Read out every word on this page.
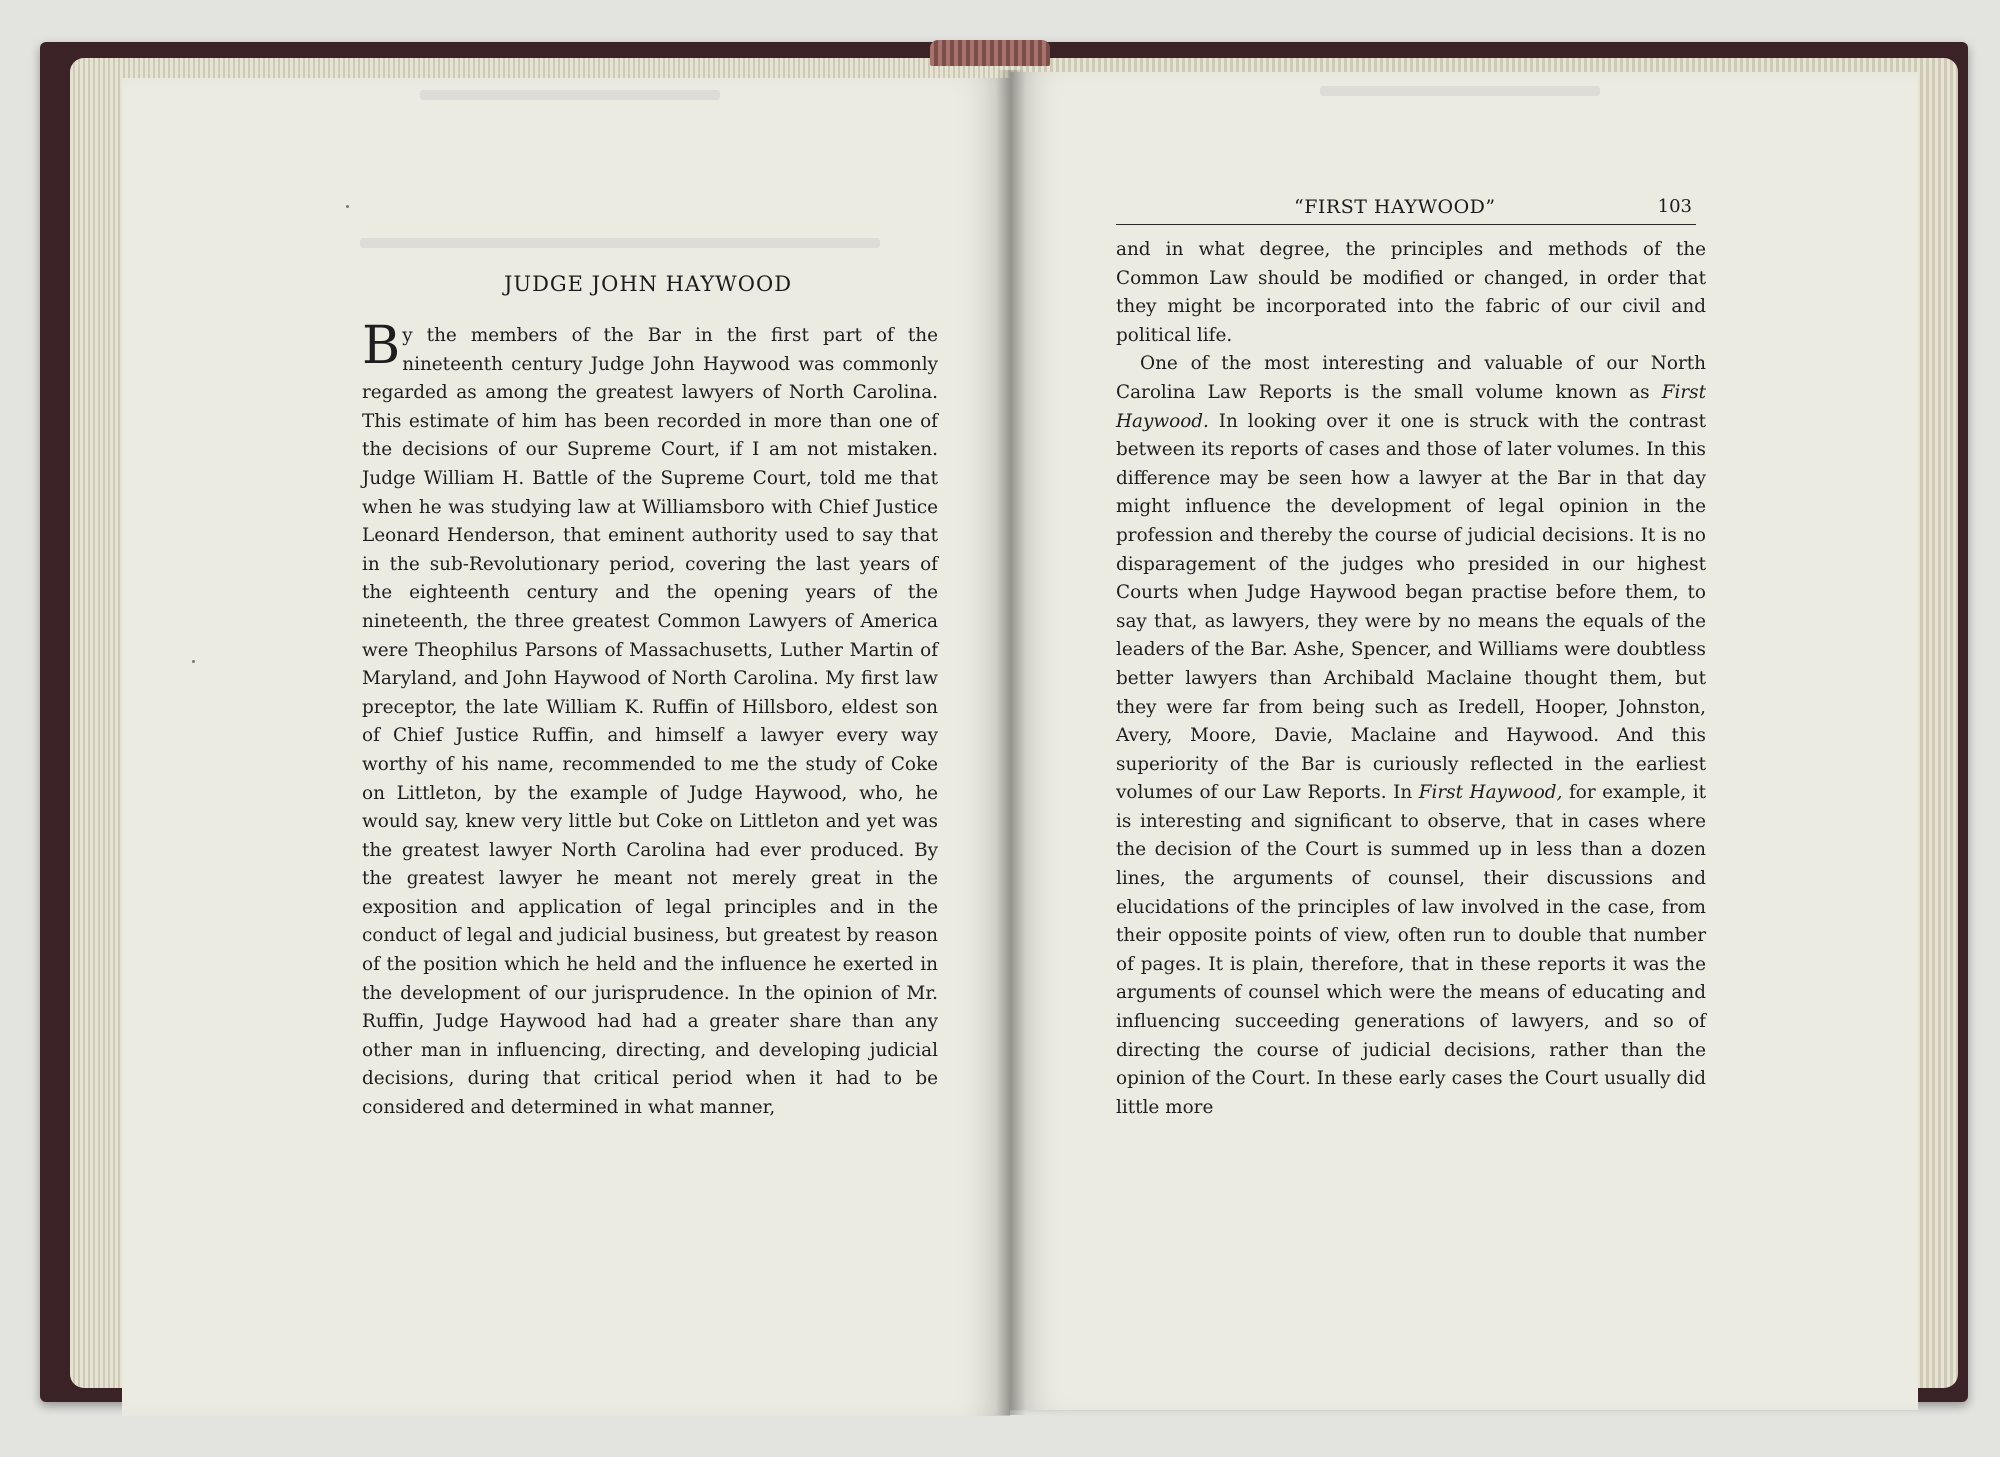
JUDGE JOHN HAYWOOD

By the members of the Bar in the first part of the nineteenth century Judge John Haywood was commonly regarded as among the greatest lawyers of North Carolina. This estimate of him has been recorded in more than one of the decisions of our Supreme Court, if I am not mistaken. Judge William H. Battle of the Supreme Court, told me that when he was studying law at Williamsboro with Chief Justice Leonard Henderson, that eminent authority used to say that in the sub-Revolutionary period, covering the last years of the eighteenth century and the opening years of the nineteenth, the three greatest Common Lawyers of America were Theophilus Parsons of Massachusetts, Luther Martin of Maryland, and John Haywood of North Carolina. My first law preceptor, the late William K. Ruffin of Hillsboro, eldest son of Chief Justice Ruffin, and himself a lawyer every way worthy of his name, recommended to me the study of Coke on Littleton, by the example of Judge Haywood, who, he would say, knew very little but Coke on Littleton and yet was the greatest lawyer North Carolina had ever produced. By the greatest lawyer he meant not merely great in the exposition and application of legal principles and in the conduct of legal and judicial business, but greatest by reason of the position which he held and the influence he exerted in the development of our jurisprudence. In the opinion of Mr. Ruffin, Judge Haywood had had a greater share than any other man in influencing, directing, and developing judicial decisions, during that critical period when it had to be considered and determined in what manner,

“FIRST HAYWOOD”	103

and in what degree, the principles and methods of the Common Law should be modified or changed, in order that they might be incorporated into the fabric of our civil and political life.

One of the most interesting and valuable of our North Carolina Law Reports is the small volume known as First Haywood. In looking over it one is struck with the contrast between its reports of cases and those of later volumes. In this difference may be seen how a lawyer at the Bar in that day might influence the development of legal opinion in the profession and thereby the course of judicial decisions. It is no disparagement of the judges who presided in our highest Courts when Judge Haywood began practise before them, to say that, as lawyers, they were by no means the equals of the leaders of the Bar. Ashe, Spencer, and Williams were doubtless better lawyers than Archibald Maclaine thought them, but they were far from being such as Iredell, Hooper, Johnston, Avery, Moore, Davie, Maclaine and Haywood. And this superiority of the Bar is curiously reflected in the earliest volumes of our Law Reports. In First Haywood, for example, it is interesting and significant to observe, that in cases where the decision of the Court is summed up in less than a dozen lines, the arguments of counsel, their discussions and elucidations of the principles of law involved in the case, from their opposite points of view, often run to double that number of pages. It is plain, therefore, that in these reports it was the arguments of counsel which were the means of educating and influencing succeeding generations of lawyers, and so of directing the course of judicial decisions, rather than the opinion of the Court. In these early cases the Court usually did little more
